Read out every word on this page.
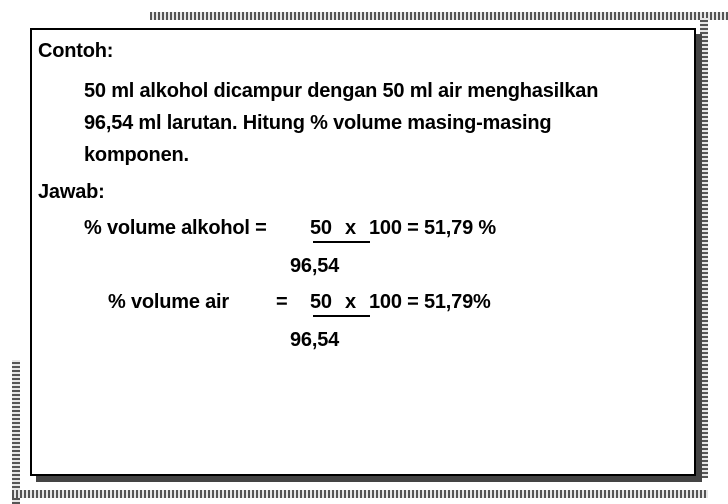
Contoh:
50 ml alkohol dicampur dengan 50 ml air menghasilkan
96,54 ml larutan. Hitung % volume masing-masing
komponen.
Jawab:
% volume alkohol = 50 x 100 = 51,79 %
96,54
% volume air = 50 x 100 = 51,79%
96,54
